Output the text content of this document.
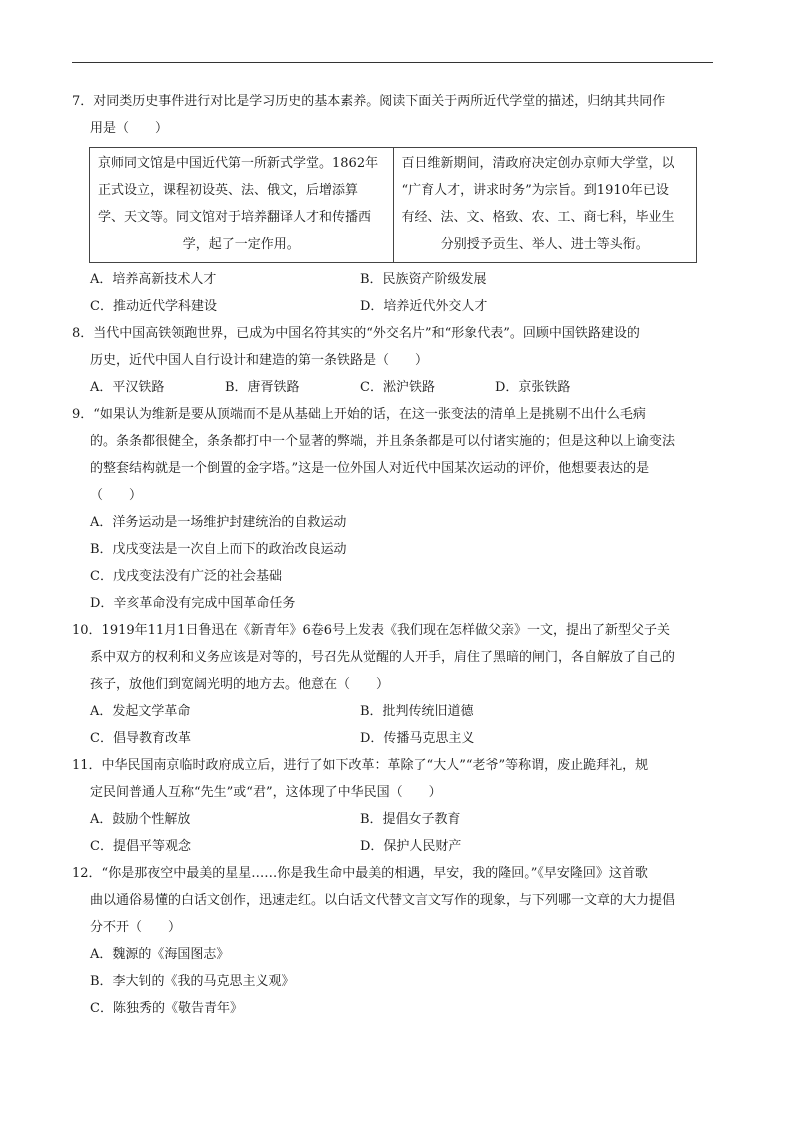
7．对同类历史事件进行对比是学习历史的基本素养。阅读下面关于两所近代学堂的描述，归纳其共同作
用是（　　）
京师同文馆是中国近代第一所新式学堂。1862年
正式设立，课程初设英、法、俄文，后增添算
学、天文等。同文馆对于培养翻译人才和传播西
学，起了一定作用。

百日维新期间，清政府决定创办京师大学堂，以
“广育人才，讲求时务”为宗旨。到1910年已设
有经、法、文、格致、农、工、商七科，毕业生
分别授予贡生、举人、进士等头衔。
A．培养高新技术人才	B．民族资产阶级发展
C．推动近代学科建设	D．培养近代外交人才
8．当代中国高铁领跑世界，已成为中国名符其实的“外交名片”和“形象代表”。回顾中国铁路建设的
历史，近代中国人自行设计和建造的第一条铁路是（　　）
A．平汉铁路	B．唐胥铁路	C．淞沪铁路	D．京张铁路
9．“如果认为维新是要从顶端而不是从基础上开始的话，在这一张变法的清单上是挑剔不出什么毛病
的。条条都很健全，条条都打中一个显著的弊端，并且条条都是可以付诸实施的；但是这种以上谕变法
的整套结构就是一个倒置的金字塔。”这是一位外国人对近代中国某次运动的评价，他想要表达的是
（　　）
A．洋务运动是一场维护封建统治的自救运动
B．戊戌变法是一次自上而下的政治改良运动
C．戊戌变法没有广泛的社会基础
D．辛亥革命没有完成中国革命任务
10．1919年11月1日鲁迅在《新青年》6卷6号上发表《我们现在怎样做父亲》一文，提出了新型父子关
系中双方的权利和义务应该是对等的，号召先从觉醒的人开手，肩住了黑暗的闸门，各自解放了自己的
孩子，放他们到宽阔光明的地方去。他意在（　　）
A．发起文学革命	B．批判传统旧道德
C．倡导教育改革	D．传播马克思主义
11．中华民国南京临时政府成立后，进行了如下改革：革除了“大人”“老爷”等称谓，废止跪拜礼，规
定民间普通人互称“先生”或“君”，这体现了中华民国（　　）
A．鼓励个性解放	B．提倡女子教育
C．提倡平等观念	D．保护人民财产
12．“你是那夜空中最美的星星……你是我生命中最美的相遇，早安，我的隆回。”《早安隆回》这首歌
曲以通俗易懂的白话文创作，迅速走红。以白话文代替文言文写作的现象，与下列哪一文章的大力提倡
分不开（　　）
A．魏源的《海国图志》
B．李大钊的《我的马克思主义观》
C．陈独秀的《敬告青年》
